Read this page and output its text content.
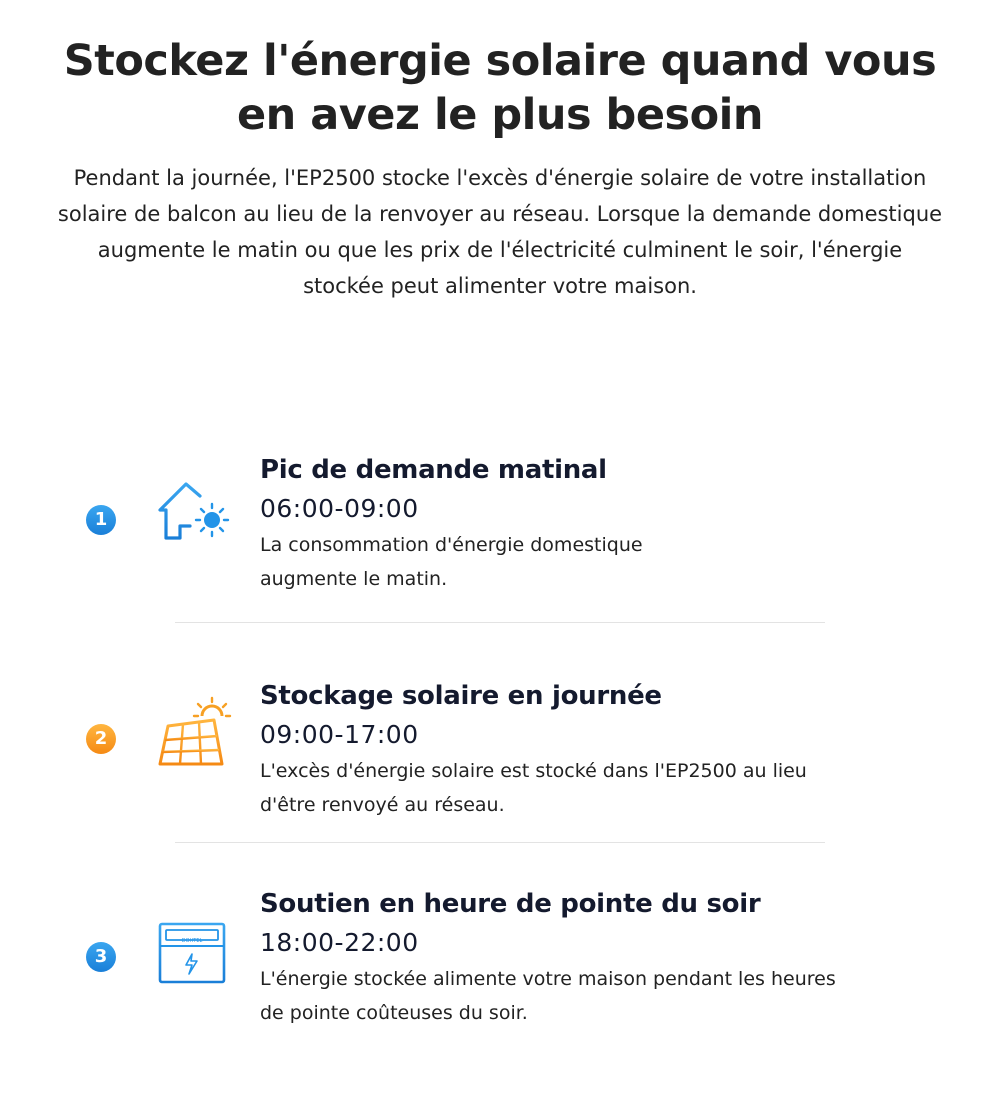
Stockez l'énergie solaire quand vous en avez le plus besoin

Pendant la journée, l'EP2500 stocke l'excès d'énergie solaire de votre installation solaire de balcon au lieu de la renvoyer au réseau. Lorsque la demande domestique augmente le matin ou que les prix de l'électricité culminent le soir, l'énergie stockée peut alimenter votre maison.

1
Pic de demande matinal
06:00-09:00

La consommation d'énergie domestique augmente le matin.

2
Stockage solaire en journée
09:00-17:00

L'excès d'énergie solaire est stocké dans l'EP2500 au lieu d'être renvoyé au réseau.

3
DOHTEL
Soutien en heure de pointe du soir
18:00-22:00

L'énergie stockée alimente votre maison pendant les heures de pointe coûteuses du soir.
